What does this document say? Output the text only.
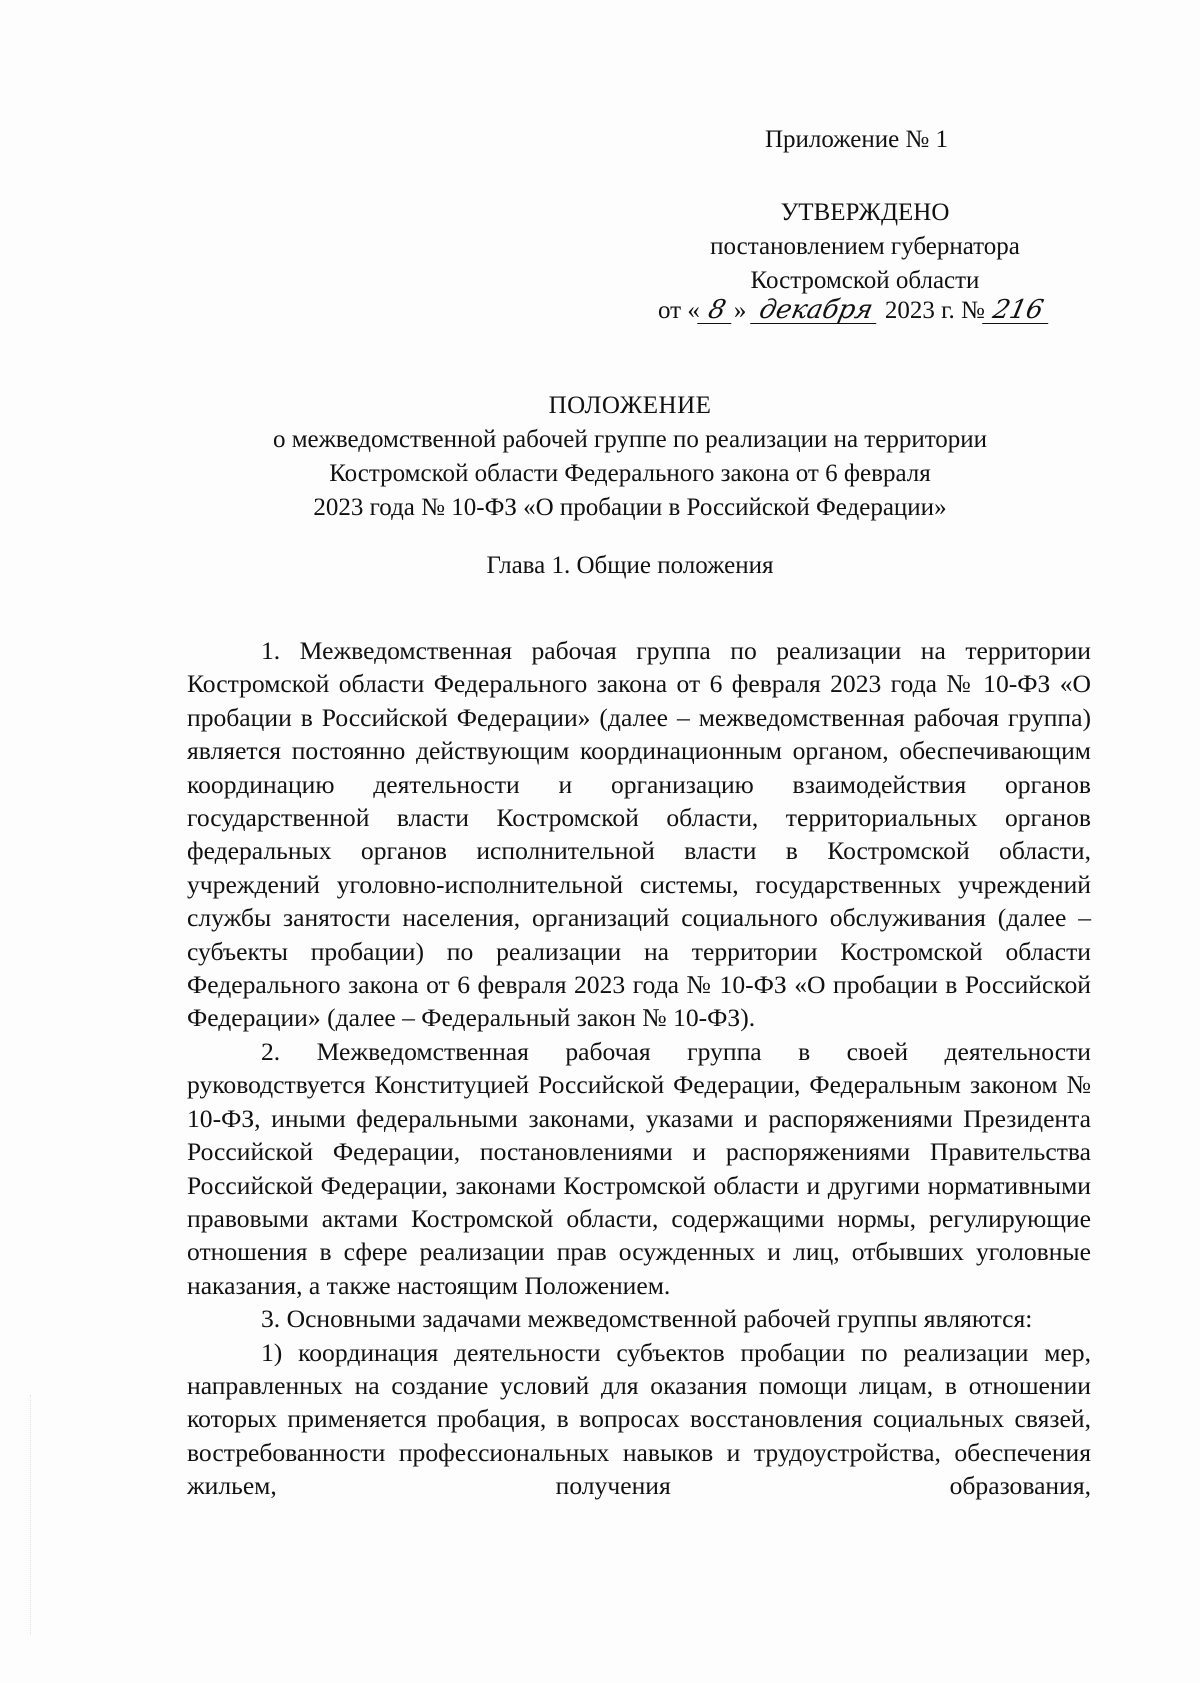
Приложение № 1
УТВЕРЖДЕНО
постановлением губернатора
Костромской области
от « 8 » декабря 2023 г. № 216
ПОЛОЖЕНИЕ
о межведомственной рабочей группе по реализации на территории
Костромской области Федерального закона от 6 февраля
2023 года № 10-ФЗ «О пробации в Российской Федерации»
Глава 1. Общие положения

1. Межведомственная рабочая группа по реализации на территории Костромской области Федерального закона от 6 февраля 2023 года № 10-ФЗ «О пробации в Российской Федерации» (далее – межведомственная рабочая группа) является постоянно действующим координационным органом, обеспечивающим координацию деятельности и организацию взаимодействия органов государственной власти Костромской области, территориальных органов федеральных органов исполнительной власти в Костромской области, учреждений уголовно-исполнительной системы, государственных учреждений службы занятости населения, организаций социального обслуживания (далее – субъекты пробации) по реализации на территории Костромской области Федерального закона от 6 февраля 2023 года № 10-ФЗ «О пробации в Российской Федерации» (далее – Федеральный закон № 10-ФЗ).

2. Межведомственная рабочая группа в своей деятельности руководствуется Конституцией Российской Федерации, Федеральным законом № 10-ФЗ, иными федеральными законами, указами и распоряжениями Президента Российской Федерации, постановлениями и распоряжениями Правительства Российской Федерации, законами Костромской области и другими нормативными правовыми актами Костромской области, содержащими нормы, регулирующие отношения в сфере реализации прав осужденных и лиц, отбывших уголовные наказания, а также настоящим Положением.

3. Основными задачами межведомственной рабочей группы являются:

1) координация деятельности субъектов пробации по реализации мер, направленных на создание условий для оказания помощи лицам, в отношении которых применяется пробация, в вопросах восстановления социальных связей, востребованности профессиональных навыков и трудоустройства, обеспечения жильем, получения образования,
